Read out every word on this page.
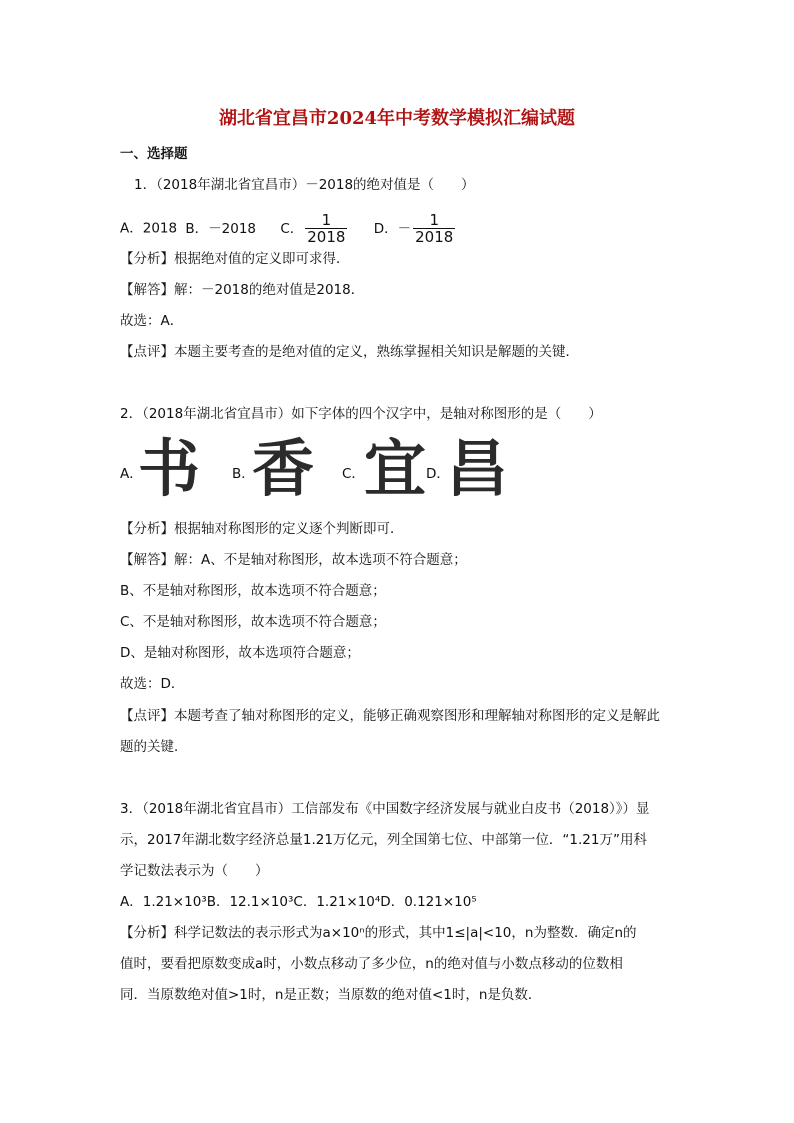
湖北省宜昌市2024年中考数学模拟汇编试题
一、选择题
1．（2018年湖北省宜昌市）－2018的绝对值是（　　）
A．2018 B．－2018 C． $\frac{1}{2018}$ D．－ $\frac{1}{2018}$
【分析】根据绝对值的定义即可求得．
【解答】解：－2018的绝对值是2018．
故选：A．
【点评】本题主要考查的是绝对值的定义，熟练掌握相关知识是解题的关键．
2．（2018年湖北省宜昌市）如下字体的四个汉字中，是轴对称图形的是（　　）
A．
书 B．
香 C． 宜 D．
昌
【分析】根据轴对称图形的定义逐个判断即可．
【解答】解：A、不是轴对称图形，故本选项不符合题意；
B、不是轴对称图形，故本选项不符合题意；
C、不是轴对称图形，故本选项不符合题意；
D、是轴对称图形，故本选项符合题意；
故选：D．
【点评】本题考查了轴对称图形的定义，能够正确观察图形和理解轴对称图形的定义是解此
题的关键．
3．（2018年湖北省宜昌市）工信部发布《中国数字经济发展与就业白皮书（2018）》）显
示，2017年湖北数字经济总量1.21万亿元，列全国第七位、中部第一位．“1.21万”用科
学记数法表示为（　　）
A．1.21×10³B．12.1×10³C．1.21×10⁴D．0.121×10⁵
【分析】科学记数法的表示形式为a×10ⁿ的形式，其中1≤|a|<10，n为整数．确定n的
值时，要看把原数变成a时，小数点移动了多少位，n的绝对值与小数点移动的位数相
同．当原数绝对值>1时，n是正数；当原数的绝对值<1时，n是负数．
